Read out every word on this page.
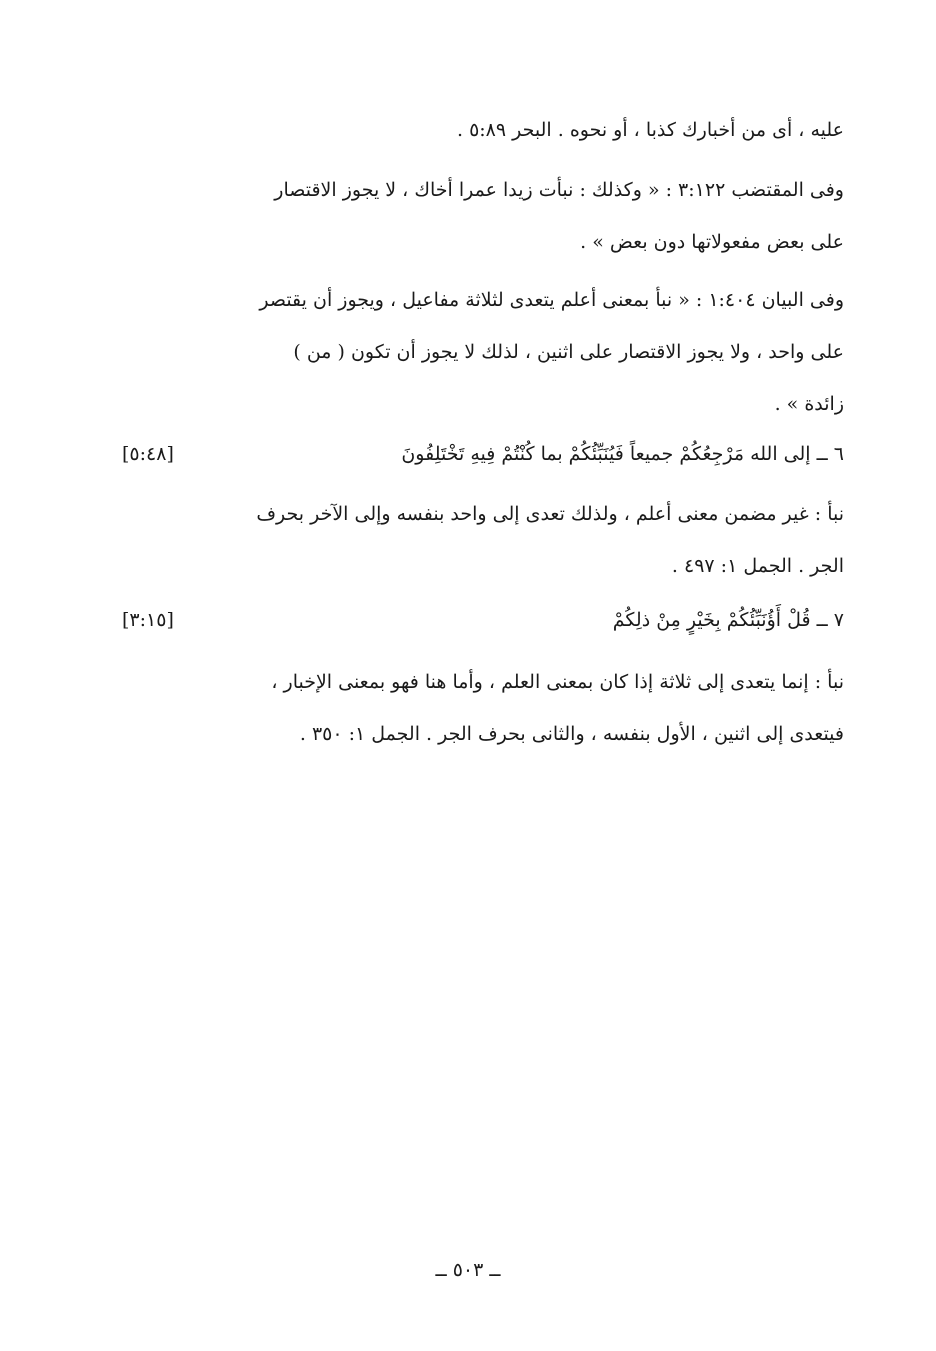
عليه ، أى من أخبارك كذبا ، أو نحوه . البحر ٥:٨٩ .
وفى المقتضب ٣:١٢٢ : « وكذلك : نبأت زيدا عمرا أخاك ، لا يجوز الاقتصار
على بعض مفعولاتها دون بعض » .
وفى البيان ١:٤٠٤ : « نبأ بمعنى أعلم يتعدى لثلاثة مفاعيل ، ويجوز أن يقتصر
على واحد ، ولا يجوز الاقتصار على اثنين ، لذلك لا يجوز أن تكون ( من )
زائدة » .
٦ ــ إلى الله مَرْجِعُكُمْ جميعاً فَيُنَبِّئُكُمْ بما كُنْتُمْ فِيهِ تَخْتَلِفُونَ
[٥:٤٨]
نبأ : غير مضمن معنى أعلم ، ولذلك تعدى إلى واحد بنفسه وإلى الآخر بحرف
الجر . الجمل ١: ٤٩٧ .
٧ ــ قُلْ أَؤُنَبِّئُكُمْ بِخَيْرٍ مِنْ ذلِكُمْ
[٣:١٥]
نبأ : إنما يتعدى إلى ثلاثة إذا كان بمعنى العلم ، وأما هنا فهو بمعنى الإخبار ،
فيتعدى إلى اثنين ، الأول بنفسه ، والثانى بحرف الجر . الجمل ١: ٣٥٠ .
ــ ٥٠٣ ــ
